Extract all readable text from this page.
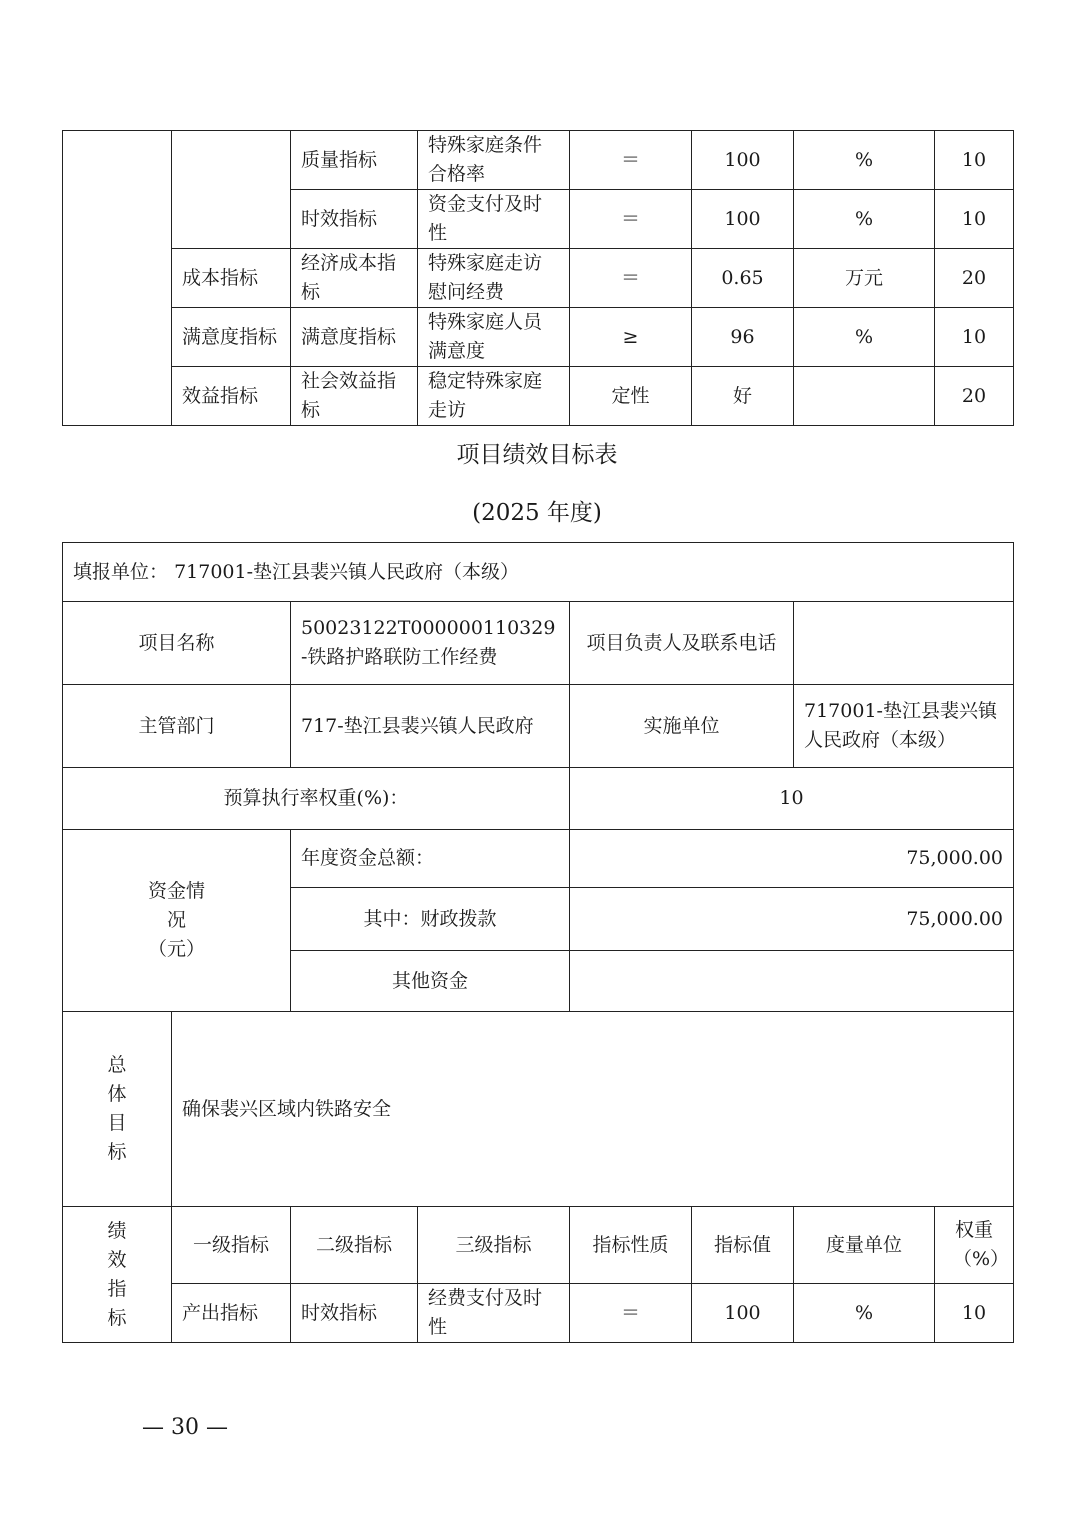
		质量指标	特殊家庭条件合格率	＝	100	%	10
		时效指标	资金支付及时性	＝	100	%	10
	成本指标	经济成本指标	特殊家庭走访慰问经费	＝	0.65	万元	20
	满意度指标	满意度指标	特殊家庭人员满意度	≥	96	%	10
	效益指标	社会效益指标	稳定特殊家庭走访	定性	好		20
项目绩效目标表
(2025 年度)
填报单位： 717001-垫江县裴兴镇人民政府（本级）							
项目名称		50023122T000000110329-铁路护路联防工作经费		项目负责人及联系电话			
主管部门		717-垫江县裴兴镇人民政府		实施单位		717001-垫江县裴兴镇人民政府（本级）	
预算执行率权重(%)：				10			

资金情况（元）		年度资金总额：		75,000.00			
		其中：财政拨款		75,000.00			
		其他资金					

总体目标	确保裴兴区域内铁路安全						

绩效指标	一级指标	二级指标	三级指标	指标性质	指标值	度量单位	权重（%）

	产出指标	时效指标	经费支付及时性	＝	100	%	10
— 30 —
